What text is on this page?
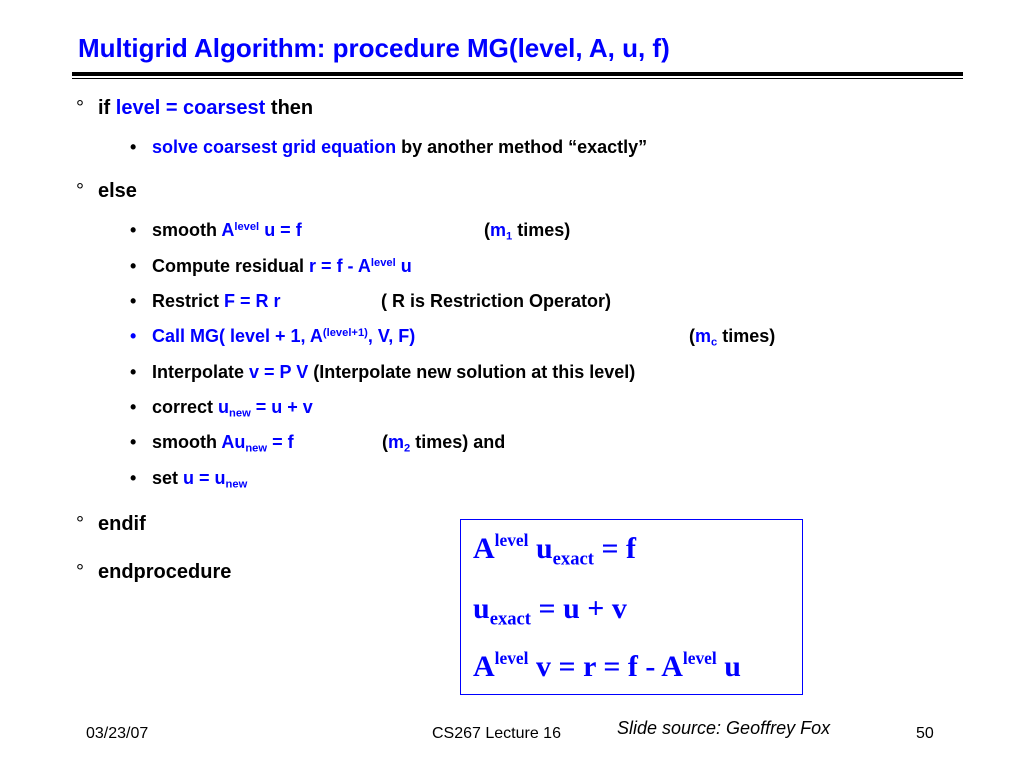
Multigrid Algorithm: procedure MG(level, A, u, f)
° if level = coarsest then
• solve coarsest grid equation by another method “exactly”
° else
• smooth $A^{level}$ u = f	($m_1$ times)
• Compute residual $r = f - A^{level}$ u
• Restrict F = R r	( R is Restriction Operator)
• Call MG( level + 1, $A^{(level+1)}$, V, F)	($m_c$ times)
• Interpolate v = P V (Interpolate new solution at this level)
• correct $u_{new} = u + v$
• smooth $Au_{new} = f$	($m_2$ times) and
• set $u = u_{new}$
° endif
° endprocedure
$A^{level}$ $u_{exact} = f$
$u_{exact} = u + v$
$A^{level}$ $v = r = f - A^{level}$ u
03/23/07	CS267 Lecture 16	Slide source: Geoffrey Fox	50
